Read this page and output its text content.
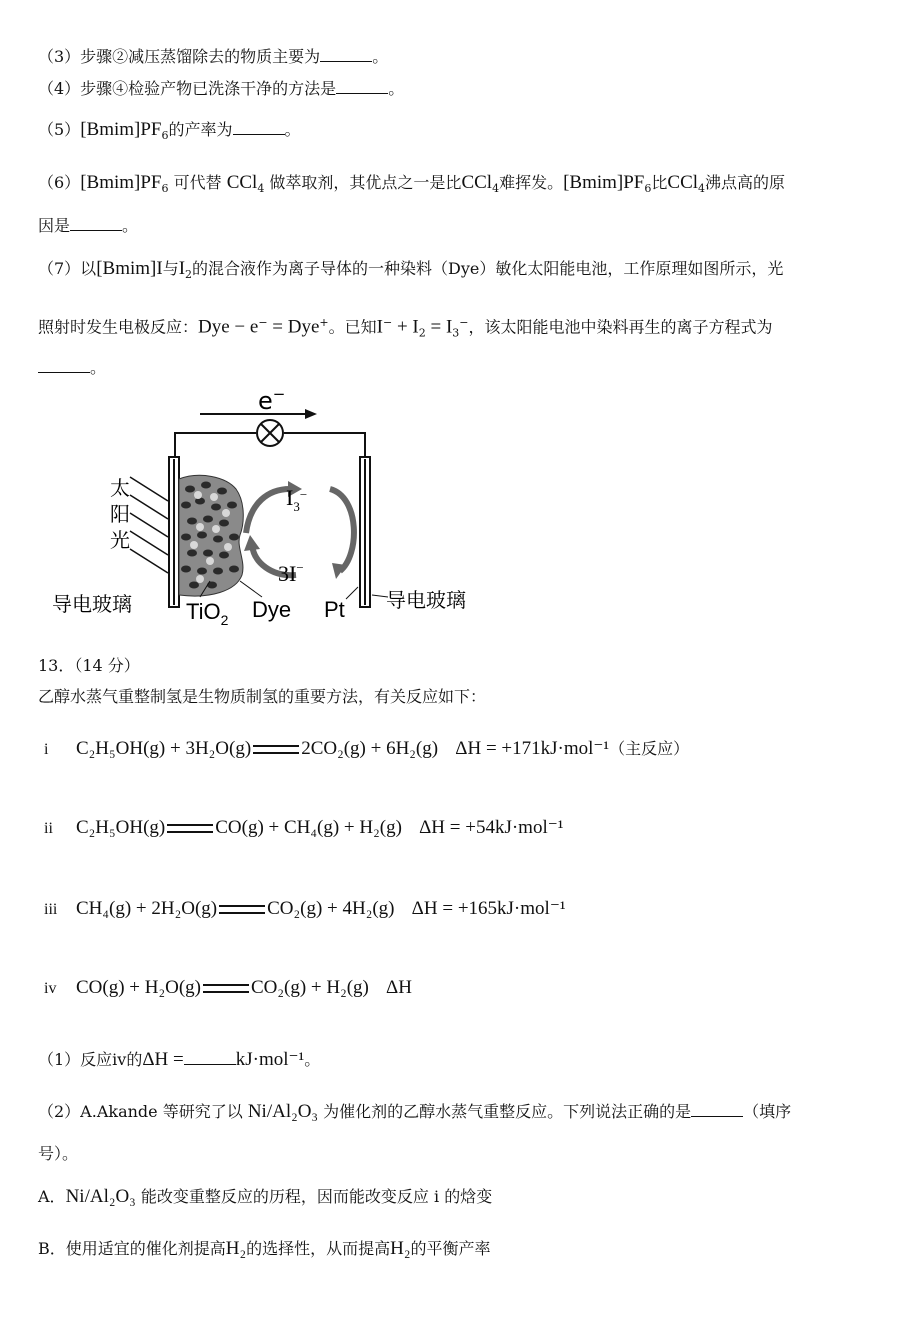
（3）步骤②减压蒸馏除去的物质主要为	。
（4）步骤④检验产物已洗涤干净的方法是	。
$(5)[Bmim]PF_6$的产率为	。
$(6)[Bmim]PF_6$ 可代替 CCl$_4$ 做萃取剂，其优点之一是比CCl$_4$难挥发。$[Bmim]PF_6$比CCl$_4$沸点高的原
因是	。
（7）以[Bmim]I与$I_2$的混合液作为离子导体的一种染料（Dye）敏化太阳能电池，工作原理如图所示，光
照射时发生电极反应：Dye − e− = Dye+。已知$I^- + I_2 = I_3^-$，该太阳能电池中染料再生的离子方程式为
。
e−
太
阳
光
$I_3^-$
3I−
导电玻璃 TiO$_2$ Dye Pt 导电玻璃
13．（14 分）
乙醇水蒸气重整制氢是生物质制氢的重要方法，有关反应如下：
i C₂H₅OH(g) + 3H₂O(g)	2CO₂(g) + 6H₂(g) ΔH = +171kJ·mol⁻¹（主反应）
ii C₂H₅OH(g)	CO(g) + CH₄(g) + H₂(g) ΔH = +54kJ·mol⁻¹
iii CH₄(g) + 2H₂O(g)	CO₂(g) + 4H₂(g) ΔH = +165kJ·mol⁻¹
iv CO(g) + H₂O(g)	CO₂(g) + H₂(g) ΔH
（1）反应ⅳ的ΔH =	kJ·mol⁻¹。
（2）A.Akande 等研究了以 Ni/Al₂O₃ 为催化剂的乙醇水蒸气重整反应。下列说法正确的是	（填序
号）。
A．Ni/Al₂O₃ 能改变重整反应的历程，因而能改变反应 i 的焓变
B．使用适宜的催化剂提高H₂的选择性，从而提高H₂的平衡产率
